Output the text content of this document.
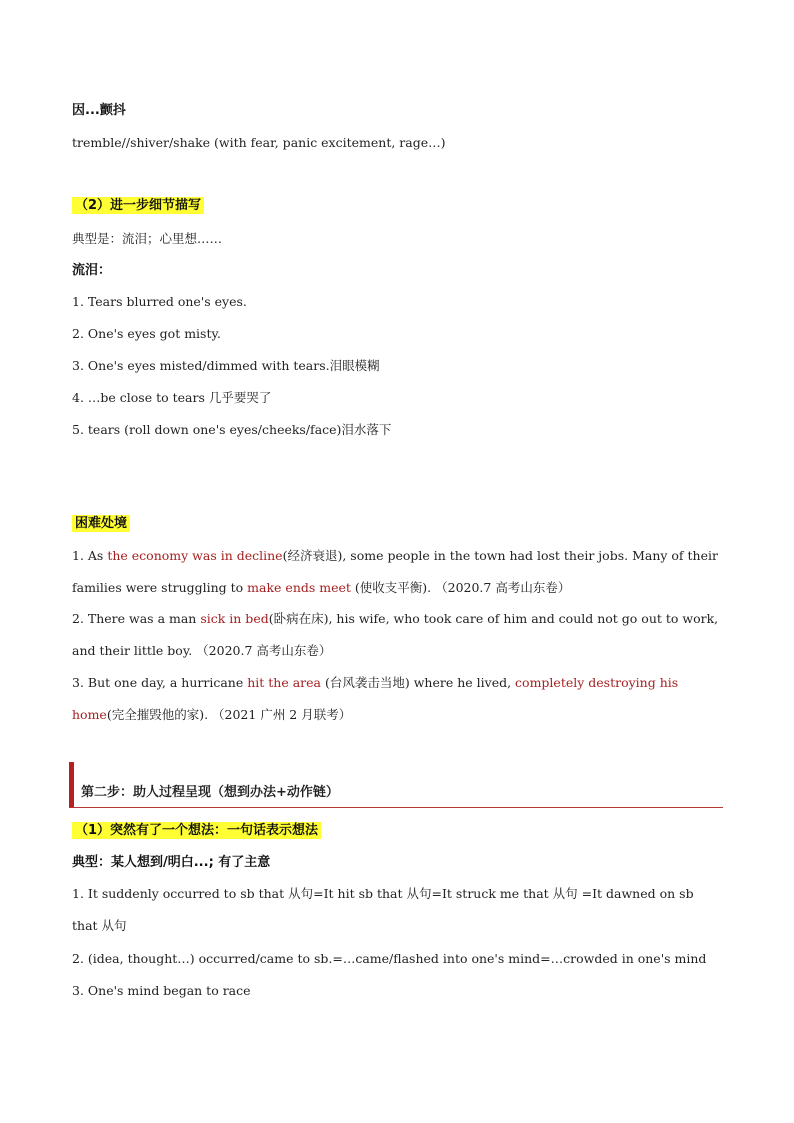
因...颤抖
tremble//shiver/shake (with fear, panic excitement, rage…)
（2）进一步细节描写
典型是：流泪；心里想……
流泪：
1. Tears blurred one's eyes.
2. One's eyes got misty.
3. One's eyes misted/dimmed with tears.泪眼模糊
4. …be close to tears 几乎要哭了
5. tears (roll down one's eyes/cheeks/face)泪水落下
困难处境
1. As the economy was in decline(经济衰退), some people in the town had lost their jobs. Many of their families were struggling to make ends meet (使收支平衡). （2020.7 高考山东卷）
2. There was a man sick in bed(卧病在床), his wife, who took care of him and could not go out to work, and their little boy. （2020.7 高考山东卷）
3. But one day, a hurricane hit the area (台风袭击当地) where he lived, completely destroying his home(完全摧毁他的家). （2021 广州 2 月联考）
第二步：助人过程呈现（想到办法+动作链）
（1）突然有了一个想法：一句话表示想法
典型：某人想到/明白...; 有了主意
1. It suddenly occurred to sb that 从句=It hit sb that 从句=It struck me that 从句 =It dawned on sb that 从句
2. (idea, thought…) occurred/came to sb.=…came/flashed into one's mind=…crowded in one's mind
3. One's mind began to race
